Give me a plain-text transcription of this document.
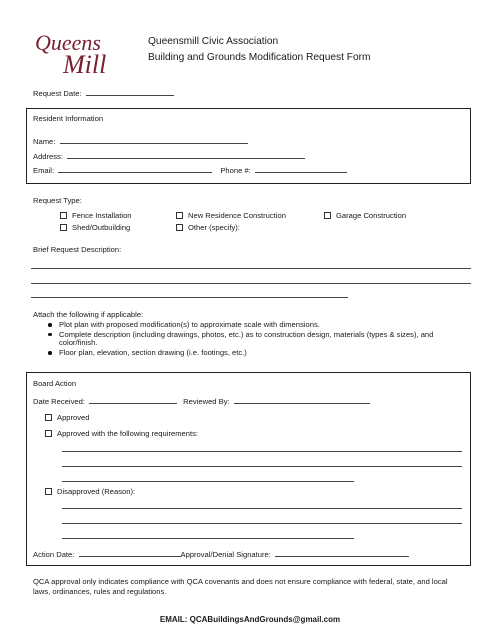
Queens
Mill
Queensmill Civic Association
Building and Grounds Modification Request Form
Request Date:
Resident Information
Name:
Address:
Email:	Phone #:
Request Type:
Fence Installation	New Residence Construction	Garage Construction
Shed/Outbuilding	Other (specify):
Brief Request Description:
Attach the following if applicable:
Plot plan with proposed modification(s) to approximate scale with dimensions.
Complete description (including drawings, photos, etc.) as to construction design, materials (types & sizes), and color/finish.
Floor plan, elevation, section drawing (i.e. footings, etc.)
Board Action
Date Received:	Reviewed By:
Approved
Approved with the following requirements:
Disapproved (Reason):
Action Date:	Approval/Denial Signature:
QCA approval only indicates compliance with QCA covenants and does not ensure compliance with federal, state, and local laws, ordinances, rules and regulations.
EMAIL: QCABuildingsAndGrounds@gmail.com
